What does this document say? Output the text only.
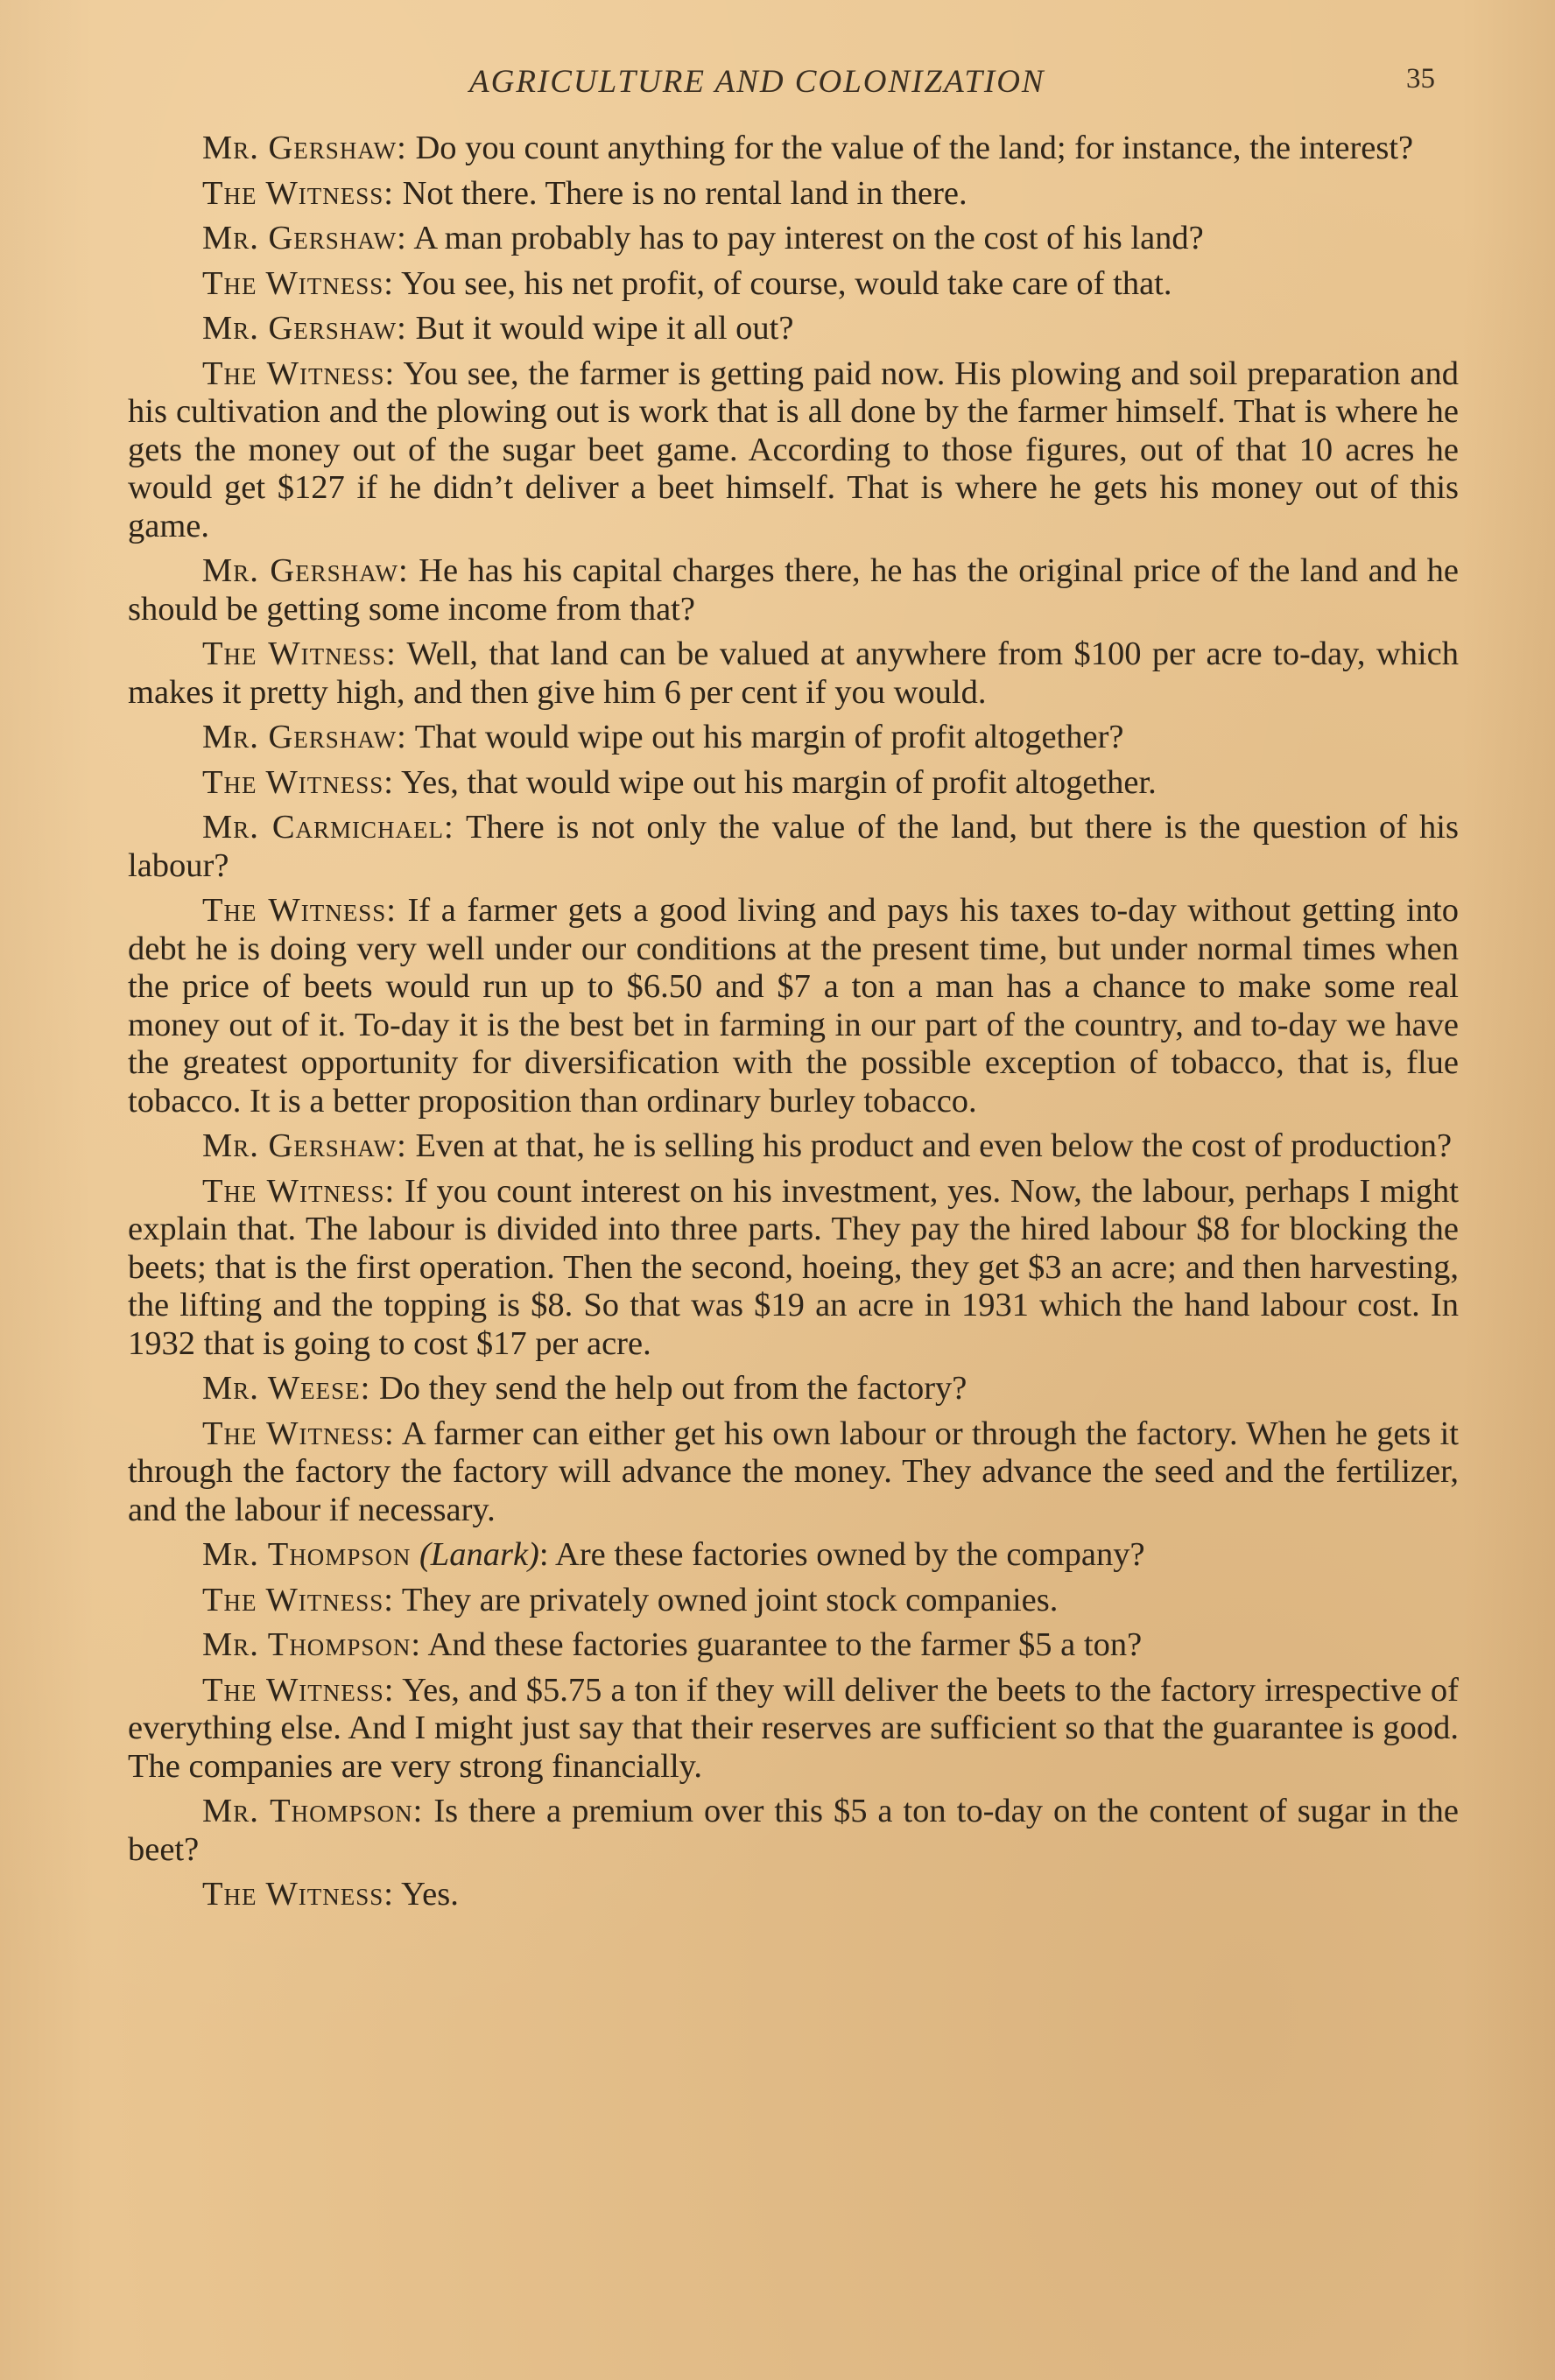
AGRICULTURE AND COLONIZATION	35

Mr. Gershaw: Do you count anything for the value of the land; for instance, the interest?

The Witness: Not there. There is no rental land in there.

Mr. Gershaw: A man probably has to pay interest on the cost of his land?

The Witness: You see, his net profit, of course, would take care of that.

Mr. Gershaw: But it would wipe it all out?

The Witness: You see, the farmer is getting paid now. His plowing and soil preparation and his cultivation and the plowing out is work that is all done by the farmer himself. That is where he gets the money out of the sugar beet game. According to those figures, out of that 10 acres he would get $127 if he didn’t deliver a beet himself. That is where he gets his money out of this game.

Mr. Gershaw: He has his capital charges there, he has the original price of the land and he should be getting some income from that?

The Witness: Well, that land can be valued at anywhere from $100 per acre to-day, which makes it pretty high, and then give him 6 per cent if you would.

Mr. Gershaw: That would wipe out his margin of profit altogether?

The Witness: Yes, that would wipe out his margin of profit altogether.

Mr. Carmichael: There is not only the value of the land, but there is the question of his labour?

The Witness: If a farmer gets a good living and pays his taxes to-day without getting into debt he is doing very well under our conditions at the present time, but under normal times when the price of beets would run up to $6.50 and $7 a ton a man has a chance to make some real money out of it. To-day it is the best bet in farming in our part of the country, and to-day we have the greatest opportunity for diversification with the possible exception of tobacco, that is, flue tobacco. It is a better proposition than ordinary burley tobacco.

Mr. Gershaw: Even at that, he is selling his product and even below the cost of production?

The Witness: If you count interest on his investment, yes. Now, the labour, perhaps I might explain that. The labour is divided into three parts. They pay the hired labour $8 for blocking the beets; that is the first operation. Then the second, hoeing, they get $3 an acre; and then harvesting, the lifting and the topping is $8. So that was $19 an acre in 1931 which the hand labour cost. In 1932 that is going to cost $17 per acre.

Mr. Weese: Do they send the help out from the factory?

The Witness: A farmer can either get his own labour or through the factory. When he gets it through the factory the factory will advance the money. They advance the seed and the fertilizer, and the labour if necessary.

Mr. Thompson (Lanark): Are these factories owned by the company?

The Witness: They are privately owned joint stock companies.

Mr. Thompson: And these factories guarantee to the farmer $5 a ton?

The Witness: Yes, and $5.75 a ton if they will deliver the beets to the factory irrespective of everything else. And I might just say that their reserves are sufficient so that the guarantee is good. The companies are very strong financially.

Mr. Thompson: Is there a premium over this $5 a ton to-day on the content of sugar in the beet?

The Witness: Yes.
